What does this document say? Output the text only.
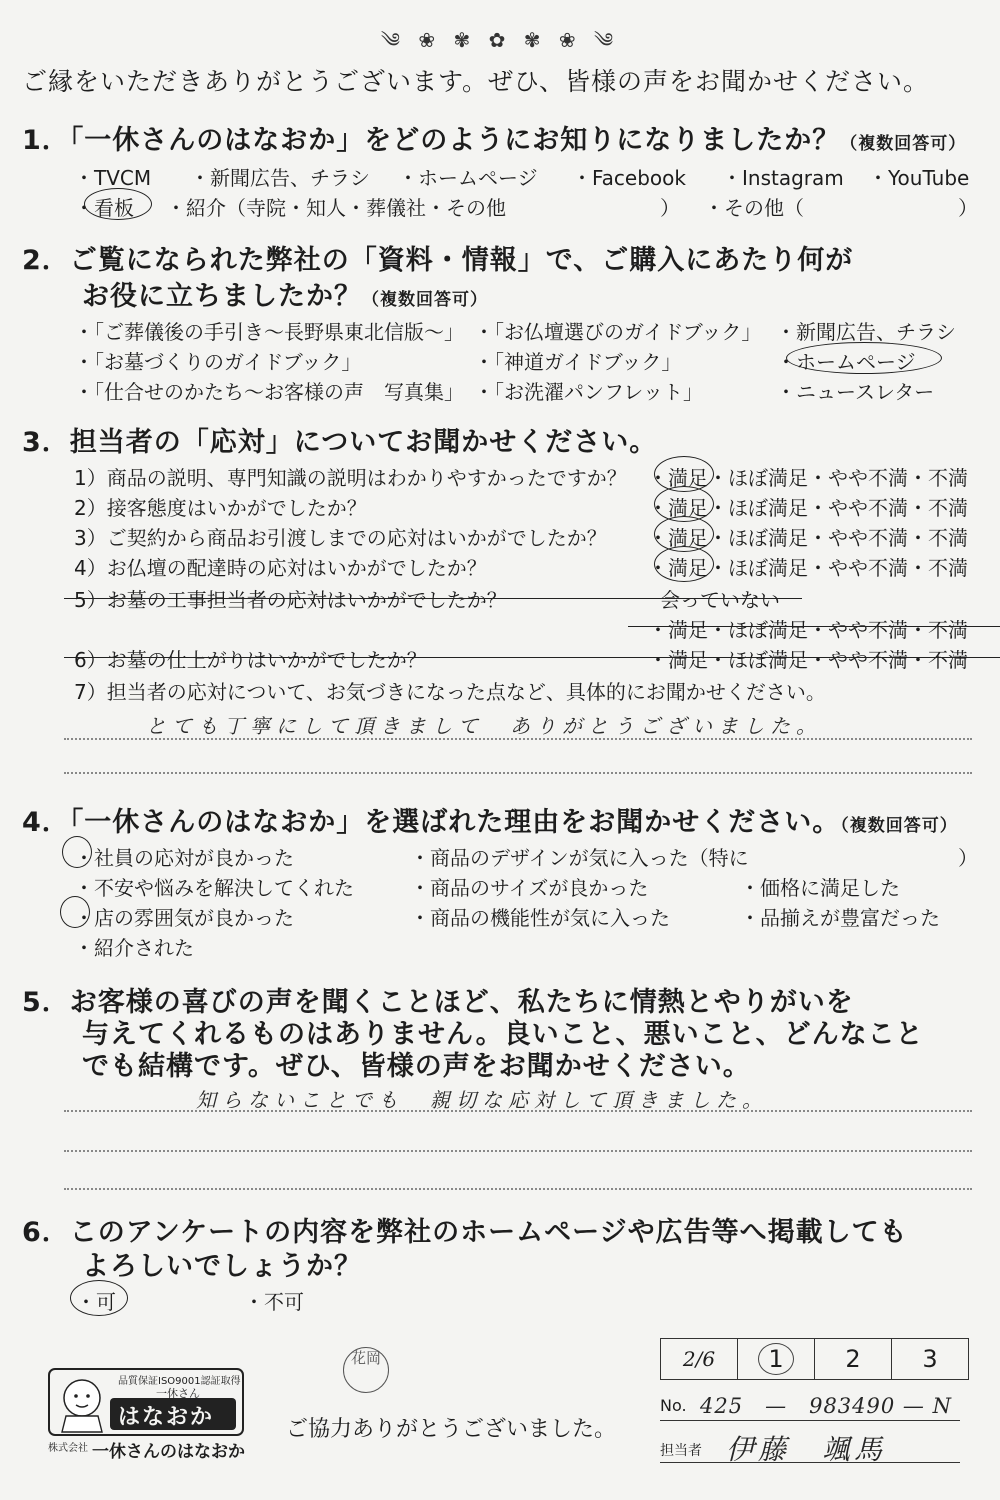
༄ ❀ ✾ ✿ ✾ ❀ ༄
ご縁をいただきありがとうございます。ぜひ、皆様の声をお聞かせください。
1．「一休さんのはなおか」をどのようにお知りになりましたか？（複数回答可）
・TVCM ・新聞広告、チラシ ・ホームページ ・Facebook ・Instagram ・YouTube
・看板 ・紹介（寺院・知人・葬儀社・その他	） ・その他（	）
2．ご覧になられた弊社の「資料・情報」で、ご購入にあたり何が
お役に立ちましたか？（複数回答可）
・「ご葬儀後の手引き～長野県東北信版～」 ・「お仏壇選びのガイドブック」 ・新聞広告、チラシ
・「お墓づくりのガイドブック」	・「神道ガイドブック」	・ホームページ
・「仕合せのかたち～お客様の声　写真集」 ・「お洗濯パンフレット」	・ニュースレター
3．担当者の「応対」についてお聞かせください。
1）商品の説明、専門知識の説明はわかりやすかったですか？ ・満足・ほぼ満足・やや不満・不満
2）接客態度はいかがでしたか？	・満足・ほぼ満足・やや不満・不満
3）ご契約から商品お引渡しまでの応対はいかがでしたか？ ・満足・ほぼ満足・やや不満・不満
4）お仏壇の配達時の応対はいかがでしたか？	・満足・ほぼ満足・やや不満・不満
5）お墓の工事担当者の応対はいかがでしたか？	会っていない
・満足・ほぼ満足・やや不満・不満
6）お墓の仕上がりはいかがでしたか？	・満足・ほぼ満足・やや不満・不満
7）担当者の応対について、お気づきになった点など、具体的にお聞かせください。
とても丁寧にして頂きまして　ありがとうございました。
4．「一休さんのはなおか」を選ばれた理由をお聞かせください。（複数回答可）
・社員の応対が良かった	・商品のデザインが気に入った（特に	）
・不安や悩みを解決してくれた	・商品のサイズが良かった	・価格に満足した
・店の雰囲気が良かった	・商品の機能性が気に入った	・品揃えが豊富だった
・紹介された
5．お客様の喜びの声を聞くことほど、私たちに情熱とやりがいを
与えてくれるものはありません。良いこと、悪いこと、どんなこと
でも結構です。ぜひ、皆様の声をお聞かせください。
知らないことでも　親切な応対して頂きました。
6．このアンケートの内容を弊社のホームページや広告等へ掲載しても
よろしいでしょうか？
・可	・不可
品質保証ISO9001認証取得
一休さん
はなおか
株式会社 一休さんのはなおか
花岡
ご協力ありがとうございました。
2/6	1	2	3
No. 425　—　983490 — N
担当者 伊藤　颯馬
